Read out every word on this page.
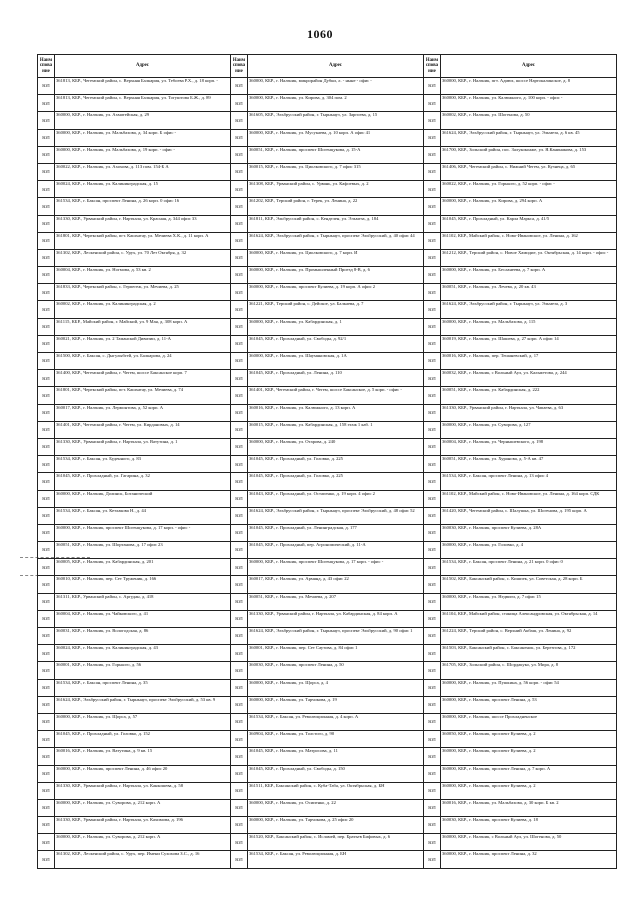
1060
Наим спова ние	Адрес	Наим спова ние	Адрес	Наим спова ние	Адрес
ЮЛ	361813, КБР., Чегемский район, с. Верхняя Балкария, ул. Тебоева Р.Х., д. 18 корп. -	ЮЛ	360000, КБР., г. Нальчик, микрорайон Дубки, л. - ныне - офис -	ЮЛ	360000, КБР., г. Нальчик, пгт. Адиюх, шоссе Нартокалинское, д. 8
ЮЛ	361813, КБР., Чегемский район, с. Верхняя Балкария, ул. Тогуштова Б.Ж., д. 89	ЮЛ	360000, КБР., г. Нальчик, ул. Кирова, д. 304 пом. 2	ЮЛ	360000, КБР., г. Нальчик, ул. Калюжного, д. 100 корп. - офис -
ЮЛ	360000, КБР., г. Нальчик, ул. Ахматейская, д. 29	ЮЛ	361605, КБР., Эльбрусский район, г. Тырныауз, ул. Заргоева, д. 15	ЮЛ	360002, КБР., г. Нальчик, ул. Шогенова, д. 50
ЮЛ	360000, КБР., г. Нальчик, ул. Мальбахова, д. 34 корп. Б офис -	ЮЛ	360000, КБР., г. Нальчик, ул. Мусукаева, д. 10 корп. А офис 41	ЮЛ	361624, КБР., Эльбрусский район, г. Тырныауз, ул. Эльмеза, д. 6 кв. 45
ЮЛ	360000, КБР., г. Нальчик, ул. Мальбахова, д. 19 корп. - офис -	ЮЛ	360051, КБР., г. Нальчик, проспект Шогенцукова, д. 15-А	ЮЛ	361700, КБР., Зольский район, пос. Залукокоаже, ул. Я.Канинакова, д. 153
ЮЛ	360022, КБР., г. Нальчик, ул. Ахохова, д. 113 пом. 154-Б А	ЮЛ	360015, КБР., г. Нальчик, ул. Циолковского, д. 7 офис 315	ЮЛ	361406, КБР., Чегемский район, с. Нижний Чегем, ул. Кузнеца, д. 65
ЮЛ	360024, КБР., г. Нальчик, ул. Калининградская, д. 15	ЮЛ	361308, КБР., Урванский район, с. Урвань, ул. Кафоевых, д. 2	ЮЛ	360022, КБР., г. Нальчик, ул. Горького, д. 52 корп. - офис -
ЮЛ	361534, КБР., г. Баксан, проспект Ленина, д. 26 корп. 0 офис 16	ЮЛ	361202, КБР., Терский район, г. Терек, ул. Ленина, д. 22	ЮЛ	360000, КБР., г. Нальчик, ул. Кирова, д. 294 корп. А
ЮЛ	361330, КБР., Урванский район, г. Нарткала, ул. Красная, д. 344 офис 33	ЮЛ	361811, КБР., Эльбрусский район, с. Кенделен, ул. Эльмеза, д. 184	ЮЛ	361045, КБР., г. Прохладный, ул. Карла Маркса, д. 41/5
ЮЛ	361801, КБР., Черекский район, пгт. Кашхатау, ул. Мечиева Х.К., д. 11 корп. А	ЮЛ	361624, КБР., Эльбрусский район, г. Тырныауз, проспект Эльбрусский, д. 40 офис 44	ЮЛ	361102, КБР., Майский район, с. Ново-Ивановское, ул. Ленина, д. 162
ЮЛ	361302, КБР., Лескенский район, с. Урух, ул. 70 Лет Октября, д. 32	ЮЛ	360000, КБР., г. Нальчик, ул. Циолковского, д. 7 корп. И	ЮЛ	361212, КБР., Терский район, с. Новое Хамидие, ул. Октябрьская, д. 14 корп. - офис -
ЮЛ	360004, КБР., г. Нальчик, ул. Ногмова, д. 53 кв. 2	ЮЛ	360000, КБР., г. Нальчик, ул. Промышленный Проезд 8-В, д. 6	ЮЛ	360000, КБР., г. Нальчик, ул. Бесланеева, д. 7 корп. А
ЮЛ	361833, КБР., Черекский район, с. Герпегеж, ул. Мечиева, д. 25	ЮЛ	360000, КБР., г. Нальчик, проспект Кулиева, д. 19 корп. А офис 2	ЮЛ	360051, КБР., г. Нальчик, ул. Лечева, д. 20 кв. 43
ЮЛ	360002, КБР., г. Нальчик, ул. Калининградская, д. 2	ЮЛ	361221, КБР., Терский район, с. Дейское, ул. Балкаева, д. 7	ЮЛ	361624, КБР., Эльбрусский район, г. Тырныауз, ул. Эльмеза, д. 3
ЮЛ	361115, КБР., Майский район, г. Майский, ул. 9 Мая, д. 308 корп. А	ЮЛ	360000, КБР., г. Нальчик, ул. Кабардинская, д. 1	ЮЛ	360000, КБР., г. Нальчик, ул. Мальбахова, д. 115
ЮЛ	360021, КБР., г. Нальчик, ул. 2 Таманской Дивизии, д. 11-А	ЮЛ	361045, КБР., г. Прохладный, ул. Свободы, д. 92/1	ЮЛ	360019, КБР., г. Нальчик, ул. Шашева, д. 27 корп. А офис 14
ЮЛ	361500, КБР., г. Баксан, с. Дыгулыбгей, ул. Балкарова, д. 24	ЮЛ	360000, КБР., г. Нальчик, ул. Шаумяновская, д. 1А	ЮЛ	360016, КБР., г. Нальчик, пер. Тешаневский, д. 17
ЮЛ	361400, КБР., Чегемский район, г. Чегем, шоссе Баксанское корп. 7	ЮЛ	361045, КБР., г. Прохладный, ул. Ленина, д. 110	ЮЛ	360032, КБР., г. Нальчик, с Вольный Аул, ул. Кальметова, д. 244
ЮЛ	361801, КБР., Черекский район, пгт. Кашхатау, ул. Мечиева, д. 74	ЮЛ	361401, КБР., Чегемский район, г. Чегем, шоссе Баксанское, д. 5 корп. - офис -	ЮЛ	360051, КБР., г. Нальчик, ул. Кабардинская, д. 222
ЮЛ	360017, КБР., г. Нальчик, ул. Лермонтова, д. 52 корп. А	ЮЛ	360016, КБР., г. Нальчик, ул. Калюжного, д. 13 корп. А	ЮЛ	361330, КБР., Урванский район, г. Нарткала, ул. Чапаева, д. 63
ЮЛ	361401, КБР., Чегемский район, г. Чегем, ул. Кирдановых, д. 14	ЮЛ	360015, КБР., г. Нальчик, ул. Кабардинская, д. 158 этаж 1 каб. 1	ЮЛ	360000, КБР., г. Нальчик, ул. Суворова, д. 127
ЮЛ	361330, КБР., Урванский район, г. Нарткала, ул. Ватутина, д. 1	ЮЛ	360000, КБР., г. Нальчик, ул. Отарова, д. 240	ЮЛ	360004, КБР., г. Нальчик, ул. Чернышевского, д. 198
ЮЛ	361534, КБР., г. Баксан, ул. Буденного, д. 83	ЮЛ	361045, КБР., г. Прохладный, ул. Головко, д. 225	ЮЛ	360051, КБР., г. Нальчик, ул. Хуранова, д. 5-А кв. 47
ЮЛ	361045, КБР., г. Прохладный, ул. Гагарина, д. 32	ЮЛ	361045, КБР., г. Прохладный, ул. Головко, д. 225	ЮЛ	361534, КБР., г. Баксан, проспект Ленина, д. 13 офис 4
ЮЛ	360000, КБР., г. Нальчик, Долинск, Ботанический	ЮЛ	361043, КБР., г. Прохладный, ул. Остапенко, д. 19 корп. 4 офис 2	ЮЛ	361102, КБР., Майский район, с. Ново-Ивановское, ул. Ленина, д. 164 корп. СДК
ЮЛ	361534, КБР., г. Баксан, ул. Кетлакова Н., д. 44	ЮЛ	361624, КБР., Эльбрусский район, г. Тырныауз, проспект Эльбрусский, д. 48 офис 52	ЮЛ	361420, КБР., Чегемский район, с. Шалушка, ул. Шогенова, д. 195 корп. А
ЮЛ	360000, КБР., г. Нальчик, проспект Шогенцукова, д. 17 корп. - офис -	ЮЛ	361045, КБР., г. Прохладный, ул. Ленинградская, д. 177	ЮЛ	360030, КБР., г. Нальчик, проспект Кулиева, д. 28А
ЮЛ	360051, КБР., г. Нальчик, ул. Шортанова, д. 17 офис 23	ЮЛ	361045, КБР., г. Прохладный, пер. Агрономический, д. 11-А	ЮЛ	360000, КБР., г. Нальчик, ул. Головко, д. 4
ЮЛ	360005, КБР., г. Нальчик, ул. Кабардинская, д. 201	ЮЛ	360000, КБР., г. Нальчик, проспект Шогенцукова, д. 17 корп. - офис -	ЮЛ	361534, КБР., г. Баксан, проспект Ленина, д. 21 корп. 0 офис 0
ЮЛ	360010, КБР., г. Нальчик, пер. Сет Труженик, д. 166	ЮЛ	360017, КБР., г. Нальчик, ул. Армянд, д. 43 офис 22	ЮЛ	361502, КБР., Баксанский район, с. Кишпек, ул. Советская, д. 28 корп. Б
ЮЛ	361311, КБР., Урванский район, с. Аргудан, д. 418	ЮЛ	360051, КБР., г. Нальчик, ул. Мечиева, д. 207	ЮЛ	360000, КБР., г. Нальчик, ул. Недвиги, д. 7 офис 15
ЮЛ	360004, КБР., г. Нальчик, ул. Чайковского, д. 41	ЮЛ	361330, КБР., Урванский район, г. Нарткала, ул. Кабардинская, д. 84 корп. А	ЮЛ	361104, КБР., Майский район, станица Александровская, ул. Октябрьская, д. 14
ЮЛ	360031, КБР., г. Нальчик, ул. Вологодская, д. 86	ЮЛ	361624, КБР., Эльбрусский район, г. Тырныауз, проспект Эльбрусский, д. 90 офис 1	ЮЛ	361224, КБР., Терский район, с. Верхний Акбаш, ул. Ленина, д. 92
ЮЛ	360024, КБР., г. Нальчик, ул. Калининградская, д. 43	ЮЛ	360001, КБР., г. Нальчик, пер. Сет Саутова, д. 84 офис 1	ЮЛ	361503, КБР., Баксанский район, с. Баксаненок, ул. Березгова, д. 172
ЮЛ	360001, КБР., г. Нальчик, ул. Горького, д. 56	ЮЛ	360030, КБР., г. Нальчик, проспект Ленина, д. 50	ЮЛ	361705, КБР., Зольский район, с. Шордакуко, ул. Мира, д. 8
ЮЛ	361534, КБР., г. Баксан, проспект Ленина, д. 35	ЮЛ	360000, КБР., г. Нальчик, ул. Щорса, д. 4	ЮЛ	360000, КБР., г. Нальчик, ул. Пушкина, д. 56 корп. - офис 54
ЮЛ	361624, КБР., Эльбрусский район, г. Тырныауз, проспект Эльбрусский, д. 53 кв. 9	ЮЛ	360000, КБР., г. Нальчик, ул. Тарчокова, д. 19	ЮЛ	360000, КБР., г. Нальчик, проспект Ленина, д. 53
ЮЛ	360000, КБР., г. Нальчик, ул. Щорса, д. 57	ЮЛ	361534, КБР., г. Баксан, ул. Революционная, д. 4 корп. А	ЮЛ	360000, КБР., г. Нальчик, шоссе Прохладненское
ЮЛ	361045, КБР., г. Прохладный, ул. Головко, д. 152	ЮЛ	360904, КБР., г. Нальчик, ул. Толстого, д. 90	ЮЛ	360050, КБР., г. Нальчик, проспект Кулиева, д. 2
ЮЛ	360016, КБР., г. Нальчик, ул. Ватутина, д. 9 кв. 15	ЮЛ	361045, КБР., г. Нальчик, ул. Матросова, д. 11	ЮЛ	360000, КБР., г. Нальчик, проспект Кулиева, д. 2
ЮЛ	360000, КБР., г. Нальчик, проспект Ленина, д. 46 офис 20	ЮЛ	361045, КБР., г. Прохладный, ул. Свободы, д. 150	ЮЛ	360000, КБР., г. Нальчик, проспект Ленина, д. 7 корп. А
ЮЛ	361330, КБР., Урванский район, г. Нарткала, ул. Канкошева, д. 58	ЮЛ	361511, КБР., Баксанский район, с. Куба-Таба, ул. Октябрьская, д. БН	ЮЛ	360000, КБР., г. Нальчик, проспект Кулиева, д. 2
ЮЛ	360000, КБР., г. Нальчик, ул. Суворова, д. 212 корп. А	ЮЛ	360000, КБР., г. Нальчик, ул. Осипенко, д. 22	ЮЛ	360016, КБР., г. Нальчик, ул. Мальбахова, д. 30 корп. Б кв. 2
ЮЛ	361330, КБР., Урванский район, г. Нарткала, ул. Кахимова, д. 196	ЮЛ	360000, КБР., г. Нальчик, ул. Тарчокова, д. 25 офис 20	ЮЛ	360030, КБР., г. Нальчик, проспект Кулиева, д. 18
ЮЛ	360000, КБР., г. Нальчик, ул. Суворова, д. 212 корп. А	ЮЛ	361520, КБР., Баксанский район, с. Исламей, пер. Братьев Бифовых, д. 6	ЮЛ	360000, КБР., г. Нальчик, с Вольный Аул, ул. Шогенова, д. 50
ЮЛ	361302, КБР., Лескенский район, с. Урух, пер. Имени Сухохова З.С., д. 16	ЮЛ	361534, КБР., г. Баксан, ул. Революционная, д. БН	ЮЛ	360000, КБР., г. Нальчик, проспект Ленина, д. 32
